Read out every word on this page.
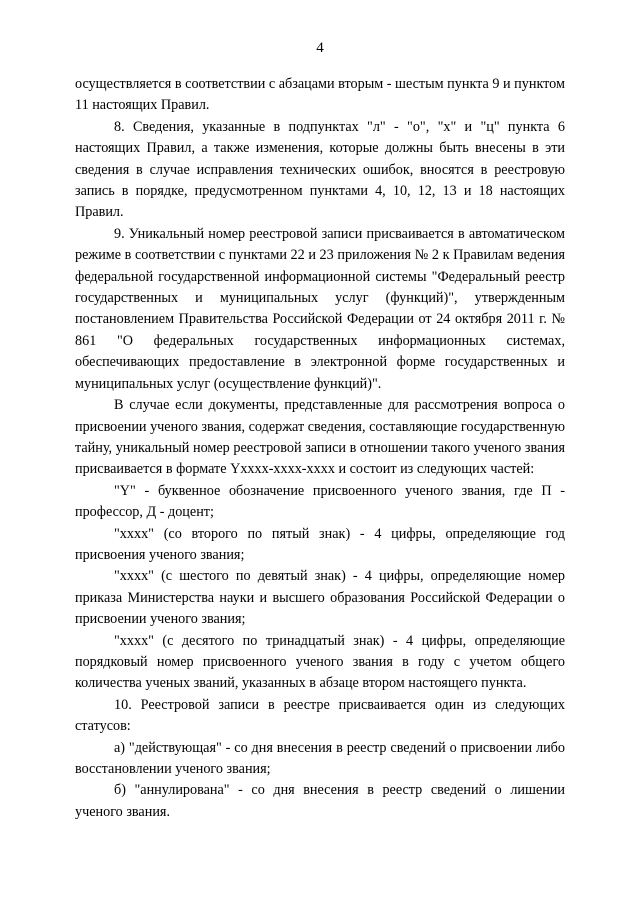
4

осуществляется в соответствии с абзацами вторым - шестым пункта 9 и пунктом 11 настоящих Правил.

8. Сведения, указанные в подпунктах "л" - "о", "х" и "ц" пункта 6 настоящих Правил, а также изменения, которые должны быть внесены в эти сведения в случае исправления технических ошибок, вносятся в реестровую запись в порядке, предусмотренном пунктами 4, 10, 12, 13 и 18 настоящих Правил.

9. Уникальный номер реестровой записи присваивается в автоматическом режиме в соответствии с пунктами 22 и 23 приложения № 2 к Правилам ведения федеральной государственной информационной системы "Федеральный реестр государственных и муниципальных услуг (функций)", утвержденным постановлением Правительства Российской Федерации от 24 октября 2011 г. № 861 "О федеральных государственных информационных системах, обеспечивающих предоставление в электронной форме государственных и муниципальных услуг (осуществление функций)".

В случае если документы, представленные для рассмотрения вопроса о присвоении ученого звания, содержат сведения, составляющие государственную тайну, уникальный номер реестровой записи в отношении такого ученого звания присваивается в формате Yxxxx-xxxx-xxxx и состоит из следующих частей:

"Y" - буквенное обозначение присвоенного ученого звания, где П - профессор, Д - доцент;

"хххх" (со второго по пятый знак) - 4 цифры, определяющие год присвоения ученого звания;

"хххх" (с шестого по девятый знак) - 4 цифры, определяющие номер приказа Министерства науки и высшего образования Российской Федерации о присвоении ученого звания;

"хххх" (с десятого по тринадцатый знак) - 4 цифры, определяющие порядковый номер присвоенного ученого звания в году с учетом общего количества ученых званий, указанных в абзаце втором настоящего пункта.

10. Реестровой записи в реестре присваивается один из следующих статусов:

а) "действующая" - со дня внесения в реестр сведений о присвоении либо восстановлении ученого звания;

б) "аннулирована" - со дня внесения в реестр сведений о лишении ученого звания.
